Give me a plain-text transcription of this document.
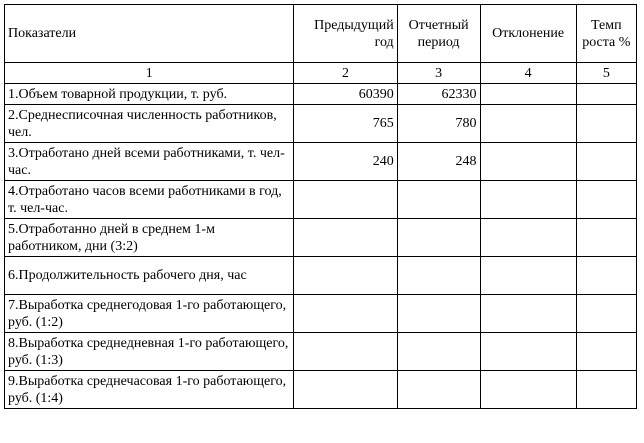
Показатели	Предыдущий год	Отчетный период	Отклонение	Темп роста %
1	2	3	4	5
1.Объем товарной продукции, т. руб.	60390	62330		
2.Среднесписочная численность работников, чел.	765	780		
3.Отработано дней всеми работниками, т. чел-час.	240	248		
4.Отработано часов всеми работниками в год, т. чел-час.				
5.Отработанно дней в среднем 1-м работником, дни (3:2)				
6.Продолжительность рабочего дня, час				
7.Выработка среднегодовая 1-го работающего, руб. (1:2)				
8.Выработка среднедневная 1-го работающего, руб. (1:3)				
9.Выработка среднечасовая 1-го работающего, руб. (1:4)				
